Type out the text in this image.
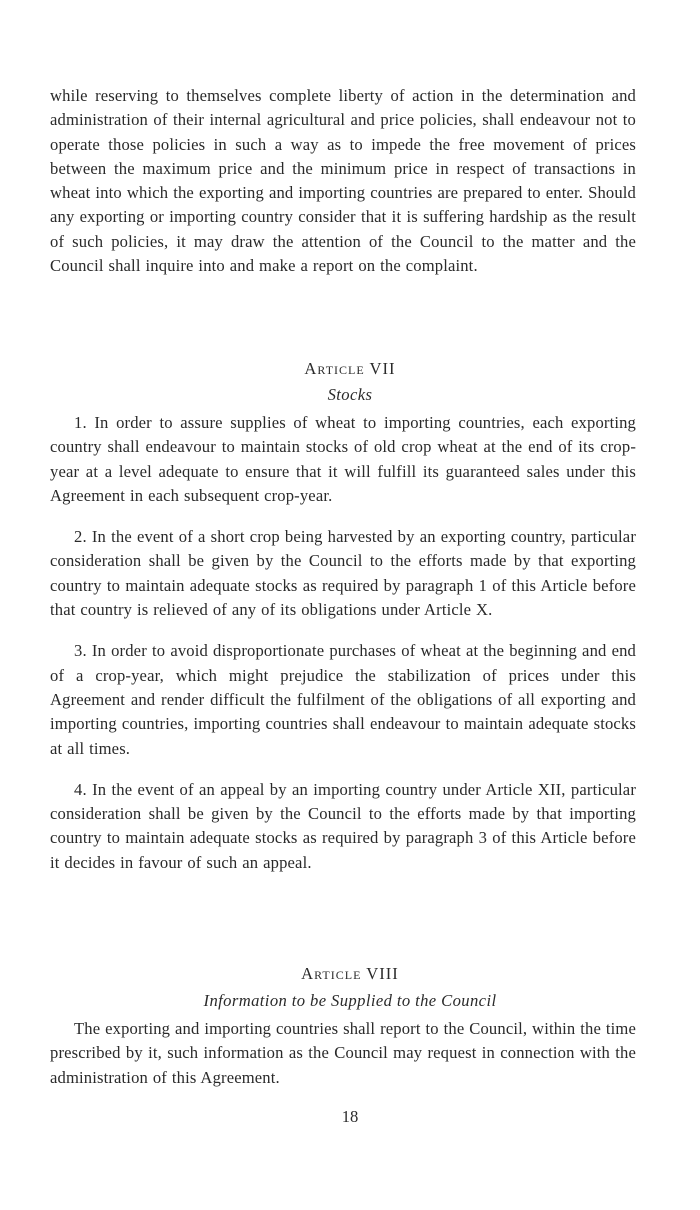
while reserving to themselves complete liberty of action in the determination and administration of their internal agricultural and price policies, shall endeavour not to operate those policies in such a way as to impede the free movement of prices between the maximum price and the minimum price in respect of transactions in wheat into which the exporting and importing countries are prepared to enter. Should any exporting or importing country consider that it is suffering hardship as the result of such policies, it may draw the attention of the Council to the matter and the Council shall inquire into and make a report on the complaint.

Article VII
Stocks

1. In order to assure supplies of wheat to importing countries, each exporting country shall endeavour to maintain stocks of old crop wheat at the end of its crop-year at a level adequate to ensure that it will fulfill its guaranteed sales under this Agreement in each subsequent crop-year.

2. In the event of a short crop being harvested by an exporting country, particular consideration shall be given by the Council to the efforts made by that exporting country to maintain adequate stocks as required by paragraph 1 of this Article before that country is relieved of any of its obligations under Article X.

3. In order to avoid disproportionate purchases of wheat at the beginning and end of a crop-year, which might prejudice the stabilization of prices under this Agreement and render difficult the fulfilment of the obligations of all exporting and importing countries, importing countries shall endeavour to maintain adequate stocks at all times.

4. In the event of an appeal by an importing country under Article XII, particular consideration shall be given by the Council to the efforts made by that importing country to maintain adequate stocks as required by paragraph 3 of this Article before it decides in favour of such an appeal.

Article VIII
Information to be Supplied to the Council

The exporting and importing countries shall report to the Council, within the time prescribed by it, such information as the Council may request in connection with the administration of this Agreement.

18
